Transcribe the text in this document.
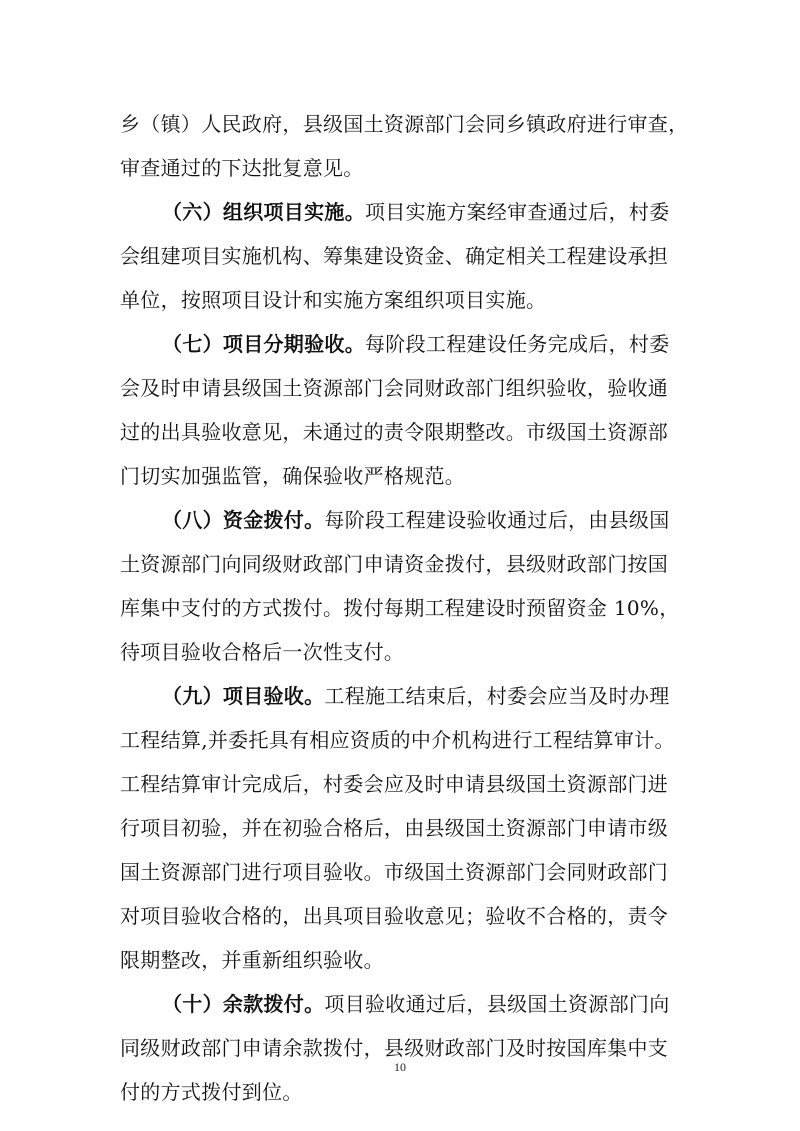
乡（镇）人民政府，县级国土资源部门会同乡镇政府进行审查，
审查通过的下达批复意见。
（六）组织项目实施。项目实施方案经审查通过后，村委
会组建项目实施机构、筹集建设资金、确定相关工程建设承担
单位，按照项目设计和实施方案组织项目实施。
（七）项目分期验收。每阶段工程建设任务完成后，村委
会及时申请县级国土资源部门会同财政部门组织验收，验收通
过的出具验收意见，未通过的责令限期整改。市级国土资源部
门切实加强监管，确保验收严格规范。
（八）资金拨付。每阶段工程建设验收通过后，由县级国
土资源部门向同级财政部门申请资金拨付，县级财政部门按国
库集中支付的方式拨付。拨付每期工程建设时预留资金 10%，
待项目验收合格后一次性支付。
（九）项目验收。工程施工结束后，村委会应当及时办理
工程结算,并委托具有相应资质的中介机构进行工程结算审计。
工程结算审计完成后，村委会应及时申请县级国土资源部门进
行项目初验，并在初验合格后，由县级国土资源部门申请市级
国土资源部门进行项目验收。市级国土资源部门会同财政部门
对项目验收合格的，出具项目验收意见；验收不合格的，责令
限期整改，并重新组织验收。
（十）余款拨付。项目验收通过后，县级国土资源部门向
同级财政部门申请余款拨付，县级财政部门及时按国库集中支
付的方式拨付到位。
10
